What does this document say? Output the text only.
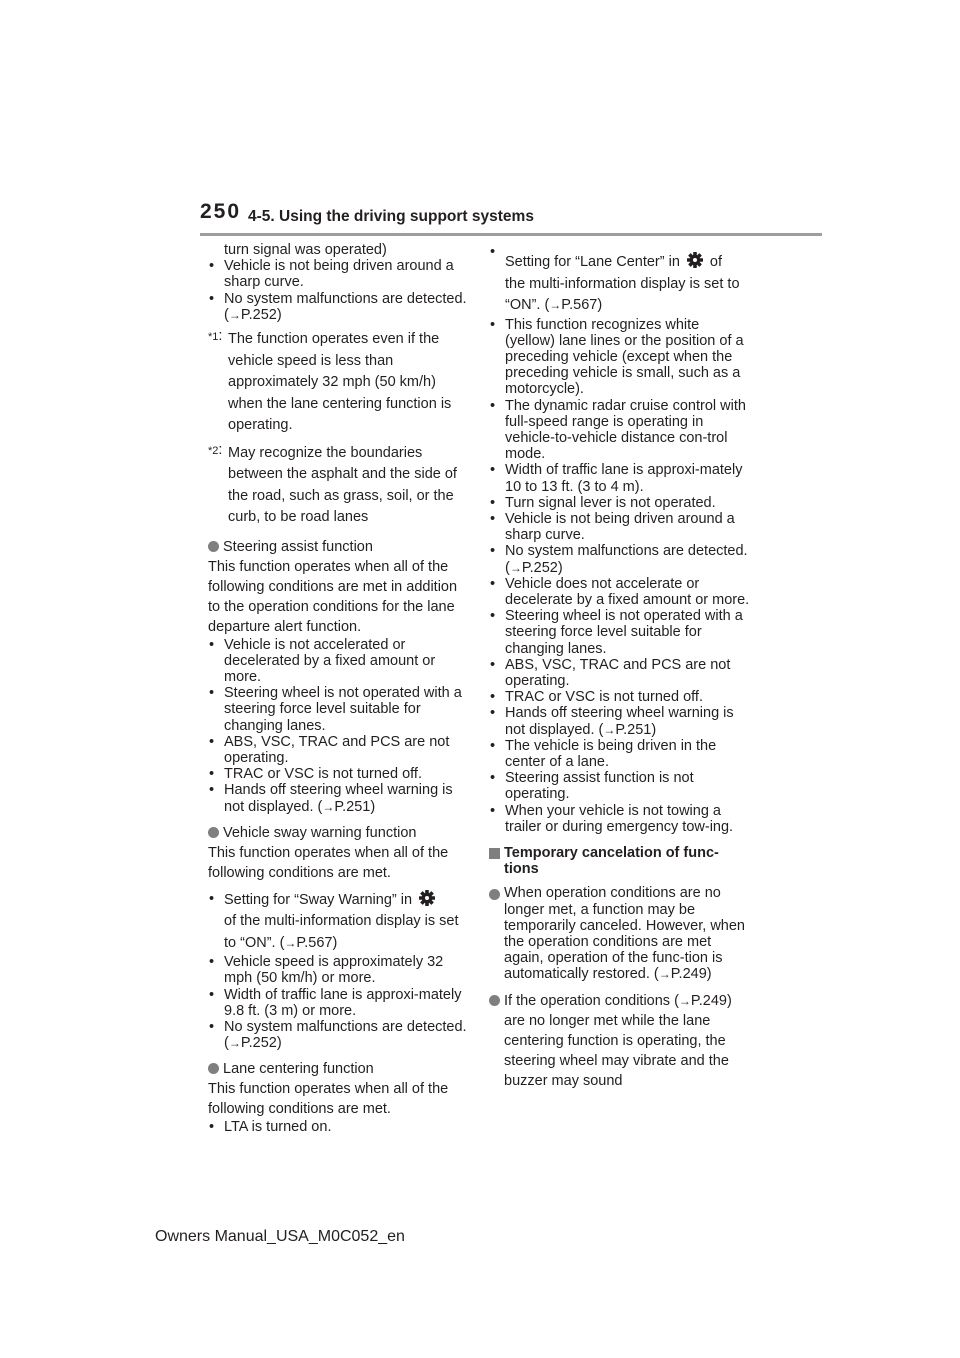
250 4-5. Using the driving support systems
turn signal was operated)
• Vehicle is not being driven around a sharp curve.
• No system malfunctions are detected. (→P.252)
*1: The function operates even if the vehicle speed is less than approximately 32 mph (50 km/h) when the lane centering function is operating.
*2: May recognize the boundaries between the asphalt and the side of the road, such as grass, soil, or the curb, to be road lanes
Steering assist function
This function operates when all of the following conditions are met in addition to the operation conditions for the lane departure alert function.
• Vehicle is not accelerated or decelerated by a fixed amount or more.
• Steering wheel is not operated with a steering force level suitable for changing lanes.
• ABS, VSC, TRAC and PCS are not operating.
• TRAC or VSC is not turned off.
• Hands off steering wheel warning is not displayed. (→P.251)
Vehicle sway warning function
This function operates when all of the following conditions are met.
• Setting for “Sway Warning” in
of the multi-information display is set to “ON”. (→P.567)
• Vehicle speed is approximately 32 mph (50 km/h) or more.
• Width of traffic lane is approxi-mately 9.8 ft. (3 m) or more.
• No system malfunctions are detected. (→P.252)
Lane centering function
This function operates when all of the following conditions are met.
• LTA is turned on.
• Setting for “Lane Center” in of
the multi-information display is set to “ON”. (→P.567)
• This function recognizes white (yellow) lane lines or the position of a preceding vehicle (except when the preceding vehicle is small, such as a motorcycle).
• The dynamic radar cruise control with full-speed range is operating in vehicle-to-vehicle distance con-trol mode.
• Width of traffic lane is approxi-mately 10 to 13 ft. (3 to 4 m).
• Turn signal lever is not operated.
• Vehicle is not being driven around a sharp curve.
• No system malfunctions are detected. (→P.252)
• Vehicle does not accelerate or decelerate by a fixed amount or more.
• Steering wheel is not operated with a steering force level suitable for changing lanes.
• ABS, VSC, TRAC and PCS are not operating.
• TRAC or VSC is not turned off.
• Hands off steering wheel warning is not displayed. (→P.251)
• The vehicle is being driven in the center of a lane.
• Steering assist function is not operating.
• When your vehicle is not towing a trailer or during emergency tow-ing.
Temporary cancelation of func-tions
When operation conditions are no longer met, a function may be temporarily canceled. However, when the operation conditions are met again, operation of the func-tion is automatically restored. (→P.249)
If the operation conditions (→P.249) are no longer met while the lane centering function is operating, the steering wheel may vibrate and the buzzer may sound
Owners Manual_USA_M0C052_en
